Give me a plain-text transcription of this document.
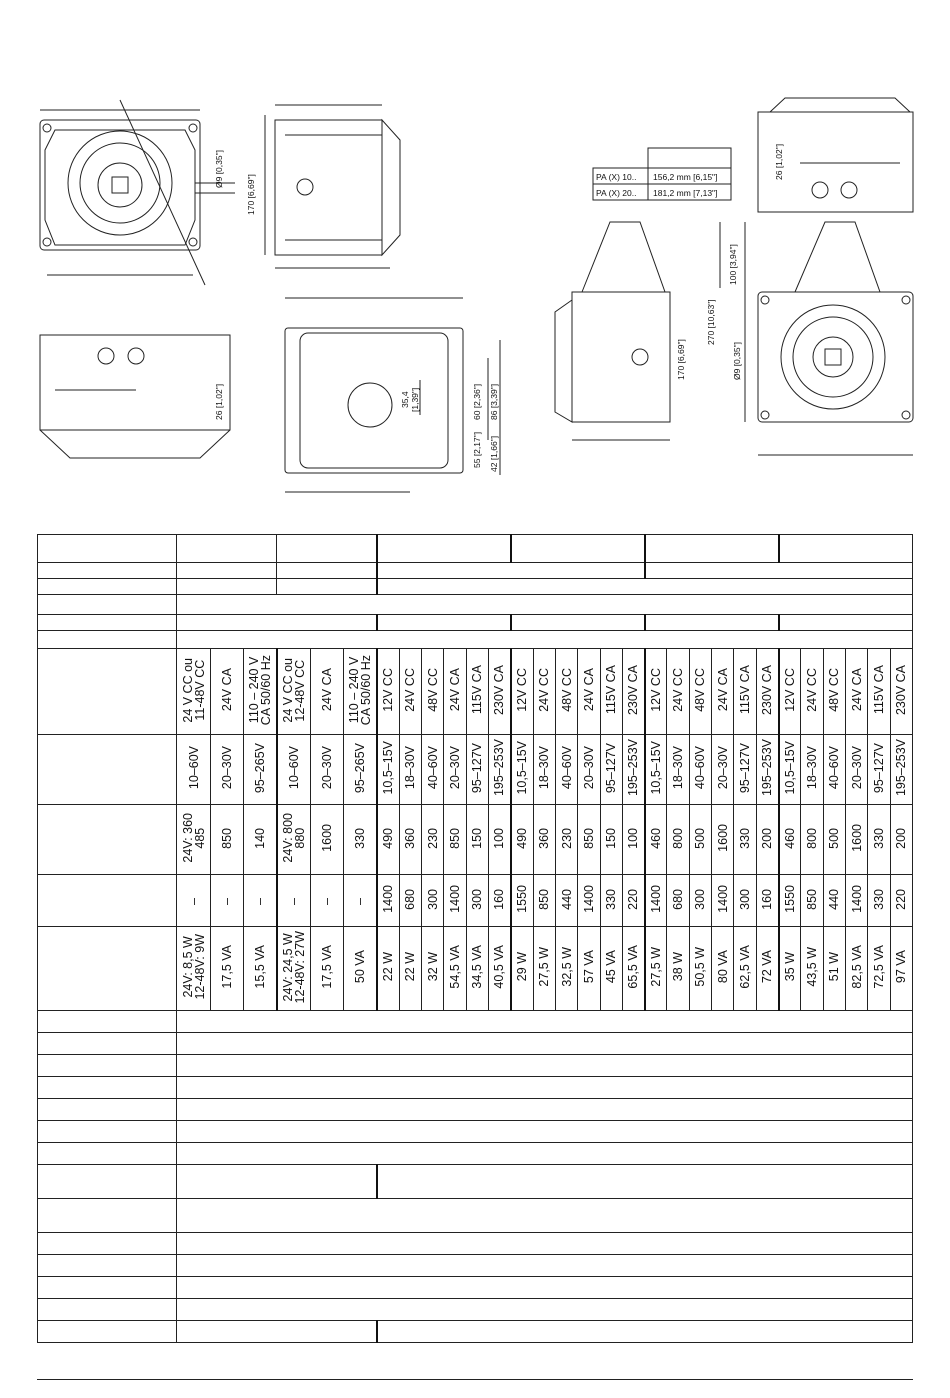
Ø9 [0,35"]
170 [6,69"]
26 [1,02"]	35,4 [1,39"]	60 [2,36"] 86 [3,39"]
55 [2,17"] 42 [1,66"]
26 [1,02"]
100 [3,94"]
270 [10,63"]
170 [6,69"]	Ø9 [0,35"]
PA (X) 10.. 156,2 mm [6,15"]
PA (X) 20.. 181,2 mm [7,13"]

	24 V CC ou
11-48V CC	24V CA	110 – 240 V
CA 50/60 Hz	24 V CC ou
12-48V CC	24V CA	110 – 240 V
CA 50/60 Hz	12V CC	24V CC	48V CC	24V CA	115V CA	230V CA	12V CC	24V CC	48V CC	24V CA	115V CA	230V CA	12V CC	24V CC	48V CC	24V CA	115V CA	230V CA	12V CC	24V CC	48V CC	24V CA	115V CA	230V CA
	10–60V	20–30V	95–265V	10–60V	20–30V	95–265V	10,5–15V	18–30V	40–60V	20–30V	95–127V	195–253V	10,5–15V	18–30V	40–60V	20–30V	95–127V	195–253V	10,5–15V	18–30V	40–60V	20–30V	95–127V	195–253V	10,5–15V	18–30V	40–60V	20–30V	95–127V	195–253V
	24V: 360
485	850	140	24V: 800
880	1600	330	490	360	230	850	150	100	490	360	230	850	150	100	460	800	500	1600	330	200	460	800	500	1600	330	200
	–	–	–	–	–	–	1400	680	300	1400	300	160	1550	850	440	1400	330	220	1400	680	300	1400	300	160	1550	850	440	1400	330	220
	24V: 8,5 W
12-48V: 9W	17,5 VA	15,5 VA	24V: 24,5 W
12-48V: 27W	17,5 VA	50 VA	22 W	22 W	32 W	54,5 VA	34,5 VA	40,5 VA	29 W	27,5 W	32,5 W	57 VA	45 VA	65,5 VA	27,5 W	38 W	50,5 W	80 VA	62,5 VA	72 VA	35 W	43,5 W	51 W	82,5 VA	72,5 VA	97 VA
